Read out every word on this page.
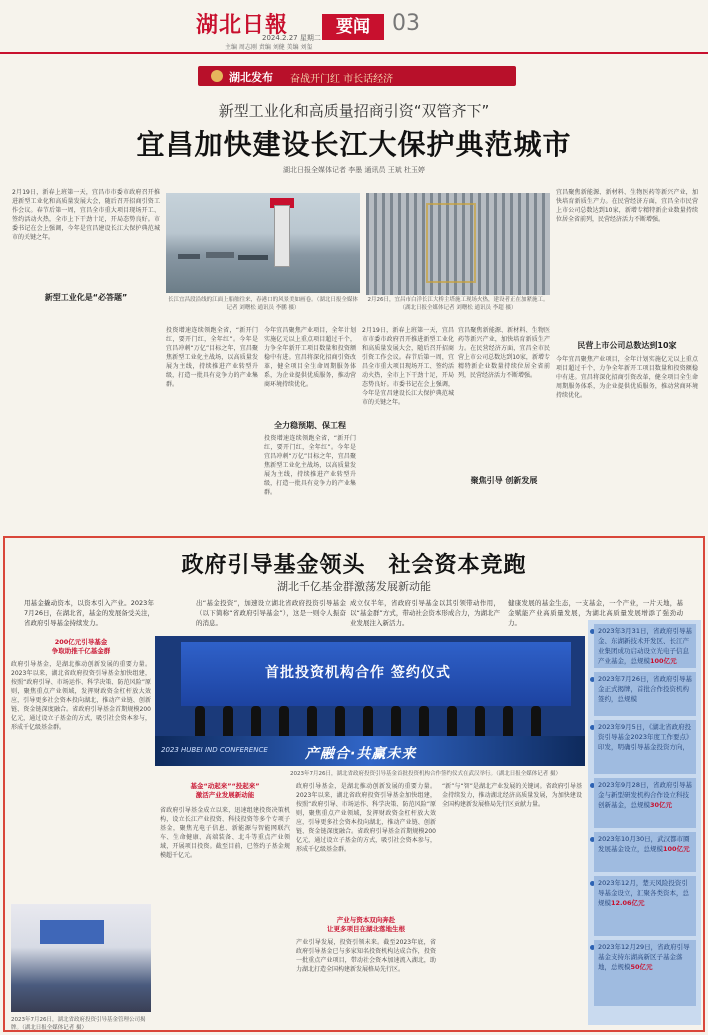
湖北日報
2024.2.27 星期二
主编 周志刚 责编 刘健 美编 刘玺
要闻	03
湖北发布 奋战开门红 市长话经济
新型工业化和高质量招商引资“双管齐下”
宜昌加快建设长江大保护典范城市
湖北日报全媒体记者 李墨 通讯员 王斌 杜玉婷
2月19日，新春上班第一天，宜昌市市委市政府召开推进新型工业化和高质量发展大会，随后召开招商引资工作会议。春节后第一周，宜昌全市重大项目现场开工、签约活动火热，全市上下干劲十足，开局态势良好。市委书记在会上强调，今年是宜昌建设长江大保护典范城市的关键之年。
长江宜昌段沿线的江面上船舶往来，春港口的风景美如画卷。（湖北日报全媒体记者 刘曙松 通讯员 李鹏 摄）
2月26日，宜昌市白洋长江大桥主塔施工现场火热，建设者正在加紧施工。（湖北日报全媒体记者 刘曙松 通讯员 李超 摄）
宜昌聚焦新能源、新材料、生物医药等新兴产业，加快培育新质生产力。在民营经济方面，宜昌全市民营上市公司总数达到10家，新增专精特新企业数量持续位居全省前列，民营经济活力不断增强。
民营上市公司总数达到10家
今年宜昌聚焦产业项目，全年计划实施亿元以上重点项目超过千个，力争全年新开工项目数量和投资额稳中有进。宜昌将深化招商引资改革，健全项目全生命周期服务体系，为企业提供优质服务，推动营商环境持续优化。
新型工业化是“必答题”
投资增速连续领跑全省，“新开门红，要开门红，全年红”。今年是宜昌冲刺“万亿”目标之年，宜昌聚焦新型工业化主战场，以高质量发展为主线，持续推进产业转型升级，打造一批具有竞争力的产业集群。
全力稳预期、保工程
今年宜昌聚焦产业项目，全年计划实施亿元以上重点项目超过千个，力争全年新开工项目数量和投资额稳中有进。宜昌将深化招商引资改革，健全项目全生命周期服务体系，为企业提供优质服务，推动营商环境持续优化。
投资增速连续领跑全省，“新开门红，要开门红，全年红”。今年是宜昌冲刺“万亿”目标之年，宜昌聚焦新型工业化主战场，以高质量发展为主线，持续推进产业转型升级，打造一批具有竞争力的产业集群。
2月19日，新春上班第一天，宜昌市市委市政府召开推进新型工业化和高质量发展大会，随后召开招商引资工作会议。春节后第一周，宜昌全市重大项目现场开工、签约活动火热，全市上下干劲十足，开局态势良好。市委书记在会上强调，今年是宜昌建设长江大保护典范城市的关键之年。
聚焦引导 创新发展
宜昌聚焦新能源、新材料、生物医药等新兴产业，加快培育新质生产力。在民营经济方面，宜昌全市民营上市公司总数达到10家，新增专精特新企业数量持续位居全省前列，民营经济活力不断增强。
政府引导基金领头　社会资本竞跑
湖北千亿基金群激荡发展新动能
用基金撬动资本，以资本引入产业。2023年7月26日，在湖北省，基金的发展备受关注，省政府引导基金持续发力。
出“基金投资”，加速设立湖北省政府投资引导基金（以下简称“省政府引导基金”），这是一则令人振奋的消息。
成立仅半年，省政府引导基金以其引领带动作用，以“基金群”方式，带动社会资本形成合力，为湖北产业发展注入新活力。
健康发展的基金生态，一支基金，一个产业，一片天地，基金赋能产业高质量发展，为湖北高质量发展增添了强劲动力。
200亿元引导基金
争取助推千亿基金群
政府引导基金，是湖北推动创新发展的重要力量。2023年以来，湖北省政府投资引导基金加快组建，按照“政府引导、市场运作、科学决策、防范风险”原则，聚焦重点产业领域，发挥财政资金杠杆放大效应，引导更多社会资本投向湖北，推动产业链、创新链、资金链深度融合。省政府引导基金首期规模200亿元，通过设立子基金的方式，吸引社会资本参与，形成千亿级基金群。
首批投资机构合作 签约仪式
2023 HUBEI IND CONFERENCE	产融合·共赢未来
2023年7月26日，湖北省政府投资引导基金首批投资机构合作签约仪式在武汉举行。（湖北日报全媒体记者 摄）
基金“动起来”“投起来”
激活产业发展新动能
省政府引导基金成立以来，迅速组建投资决策机构，设立长江产业投资、科技投资等多个专项子基金，聚焦光电子信息、新能源与智能网联汽车、生命健康、高端装备、北斗等重点产业领域，开展项目投资。截至目前，已签约子基金规模超千亿元。
政府引导基金，是湖北推动创新发展的重要力量。2023年以来，湖北省政府投资引导基金加快组建，按照“政府引导、市场运作、科学决策、防范风险”原则，聚焦重点产业领域，发挥财政资金杠杆放大效应，引导更多社会资本投向湖北，推动产业链、创新链、资金链深度融合。省政府引导基金首期规模200亿元，通过设立子基金的方式，吸引社会资本参与，形成千亿级基金群。
产业与资本双向奔赴
让更多项目在湖北落地生根
产业引导发展，投资引领未来。截至2023年底，省政府引导基金已与多家知名投资机构达成合作，投资一批重点产业项目，带动社会资本加速流入湖北，助力湖北打造全国构建新发展格局先行区。
“新”与“智”是湖北产业发展的关键词。省政府引导基金持续发力，推动湖北经济高质量发展，为加快建设全国构建新发展格局先行区贡献力量。
2023年7月26日，湖北省政府投资引导基金管理公司揭牌。（湖北日报全媒体记者 摄）
2023年3月31日，省政府引导基金、东湖新技术开发区、长江产业集团成功启动设立光电子信息产业基金，总规模100亿元
2023年7月26日，省政府引导基金正式揭牌，首批合作投资机构签约，总规模
2023年9月5日，《湖北省政府投资引导基金2023年度工作要点》印发，明确引导基金投资方向，
2023年9月28日，省政府引导基金与新型研发机构合作设立科技创新基金，总规模30亿元
2023年10月30日，武汉都市圈发展基金设立，总规模100亿元
2023年12月，楚天风险投资引导基金设立，汇聚各类资本，总规模12.06亿元
2023年12月29日，省政府引导基金支持东湖高新区子基金落地，总规模50亿元
